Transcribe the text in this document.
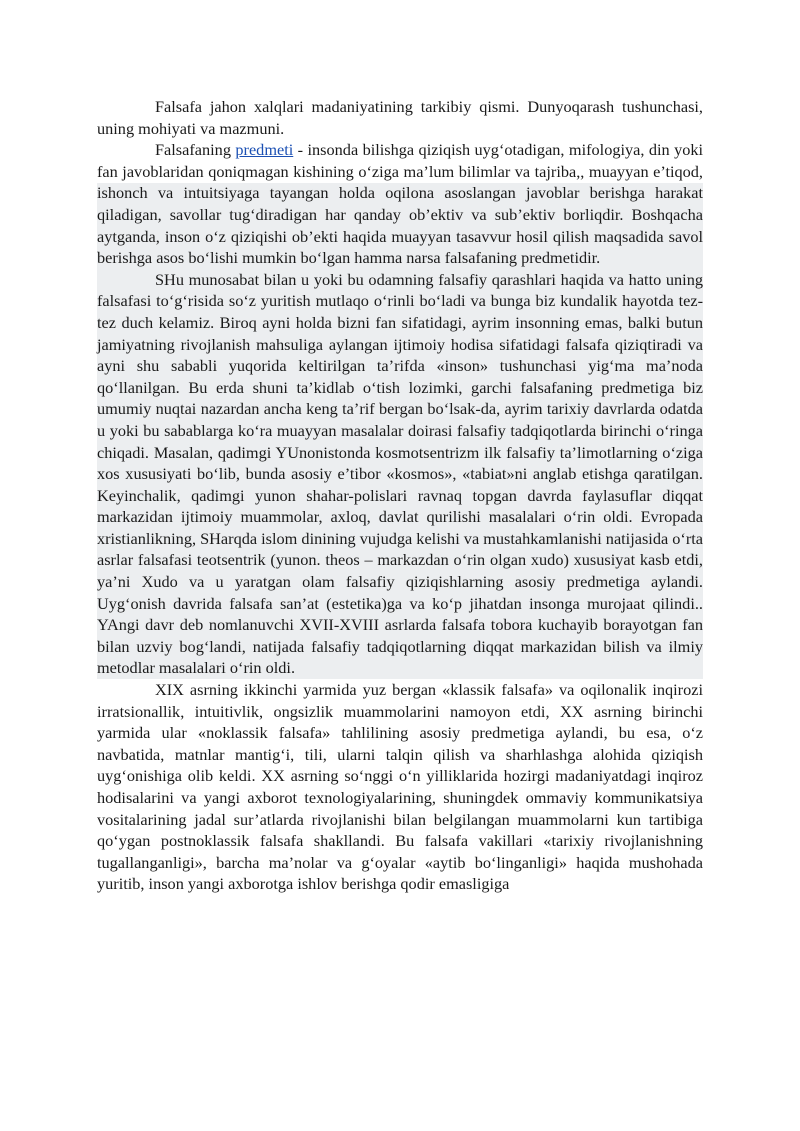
Falsafa jahon xalqlari madaniyatining tarkibiy qismi. Dunyoqarash tushunchasi, uning mohiyati va mazmuni.

Falsafaning predmeti - insonda bilishga qiziqish uyg‘otadigan, mifologiya, din yoki fan javoblaridan qoniqmagan kishining o‘ziga ma’lum bilimlar va tajriba,, muayyan e’tiqod, ishonch va intuitsiyaga tayangan holda oqilona asoslangan javoblar berishga harakat qiladigan, savollar tug‘diradigan har qanday ob’ektiv va sub’ektiv borliqdir. Boshqacha aytganda, inson o‘z qiziqishi ob’ekti haqida muayyan tasavvur hosil qilish maqsadida savol berishga asos bo‘lishi mumkin bo‘lgan hamma narsa falsafaning predmetidir.

SHu munosabat bilan u yoki bu odamning falsafiy qarashlari haqida va hatto uning falsafasi to‘g‘risida so‘z yuritish mutlaqo o‘rinli bo‘ladi va bunga biz kundalik hayotda tez-tez duch kelamiz. Biroq ayni holda bizni fan sifatidagi, ayrim insonning emas, balki butun jamiyatning rivojlanish mahsuliga aylangan ijtimoiy hodisa sifatidagi falsafa qiziqtiradi va ayni shu sababli yuqorida keltirilgan ta’rifda «inson» tushunchasi yig‘ma ma’noda qo‘llanilgan. Bu erda shuni ta’kidlab o‘tish lozimki, garchi falsafaning predmetiga biz umumiy nuqtai nazardan ancha keng ta’rif bergan bo‘lsak-da, ayrim tarixiy davrlarda odatda u yoki bu sabablarga ko‘ra muayyan masalalar doirasi falsafiy tadqiqotlarda birinchi o‘ringa chiqadi. Masalan, qadimgi YUnonistonda kosmotsentrizm ilk falsafiy ta’limotlarning o‘ziga xos xususiyati bo‘lib, bunda asosiy e’tibor «kosmos», «tabiat»ni anglab etishga qaratilgan. Keyinchalik, qadimgi yunon shahar-polislari ravnaq topgan davrda faylasuflar diqqat markazidan ijtimoiy muammolar, axloq, davlat qurilishi masalalari o‘rin oldi. Evropada xristianlikning, SHarqda islom dinining vujudga kelishi va mustahkamlanishi natijasida o‘rta asrlar falsafasi teotsentrik (yunon. theos – markazdan o‘rin olgan xudo) xususiyat kasb etdi, ya’ni Xudo va u yaratgan olam falsafiy qiziqishlarning asosiy predmetiga aylandi. Uyg‘onish davrida falsafa san’at (estetika)ga va ko‘p jihatdan insonga murojaat qilindi.. YAngi davr deb nomlanuvchi XVII-XVIII asrlarda falsafa tobora kuchayib borayotgan fan bilan uzviy bog‘landi, natijada falsafiy tadqiqotlarning diqqat markazidan bilish va ilmiy metodlar masalalari o‘rin oldi.

XIX asrning ikkinchi yarmida yuz bergan «klassik falsafa» va oqilonalik inqirozi irratsionallik, intuitivlik, ongsizlik muammolarini namoyon etdi, XX asrning birinchi yarmida ular «noklassik falsafa» tahlilining asosiy predmetiga aylandi, bu esa, o‘z navbatida, matnlar mantig‘i, tili, ularni talqin qilish va sharhlashga alohida qiziqish uyg‘onishiga olib keldi. XX asrning so‘nggi o‘n yilliklarida hozirgi madaniyatdagi inqiroz hodisalarini va yangi axborot texnologiyalarining, shuningdek ommaviy kommunikatsiya vositalarining jadal sur’atlarda rivojlanishi bilan belgilangan muammolarni kun tartibiga qo‘ygan postnoklassik falsafa shakllandi. Bu falsafa vakillari «tarixiy rivojlanishning tugallanganligi», barcha ma’nolar va g‘oyalar «aytib bo‘linganligi» haqida mushohada yuritib, inson yangi axborotga ishlov berishga qodir emasligiga
